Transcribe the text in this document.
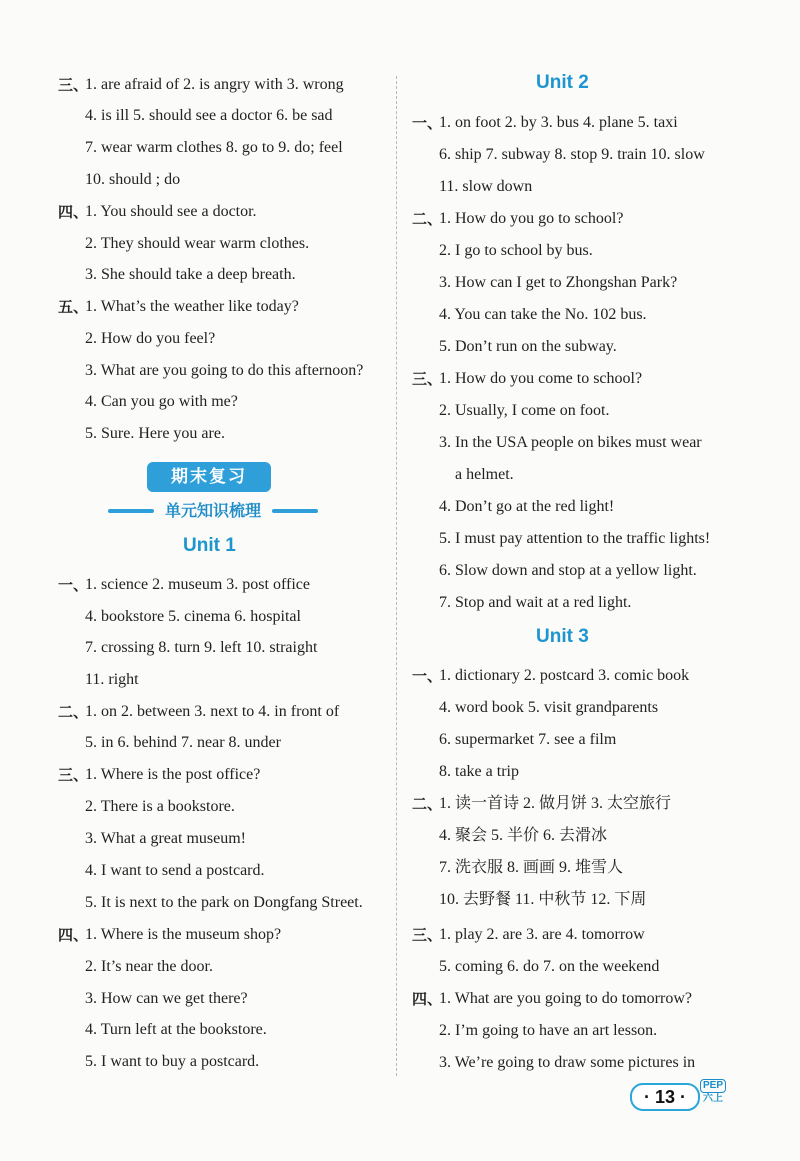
三、
1. are afraid of 2. is angry with 3. wrong
4. is ill 5. should see a doctor 6. be sad
7. wear warm clothes 8. go to 9. do; feel
10. should ; do
四、
1. You should see a doctor.
2. They should wear warm clothes.
3. She should take a deep breath.
五、
1. What’s the weather like today?
2. How do you feel?
3. What are you going to do this afternoon?
4. Can you go with me?
5. Sure. Here you are.
期末复习
单元知识梳理
Unit 1
一、
1. science 2. museum 3. post office
4. bookstore 5. cinema 6. hospital
7. crossing 8. turn 9. left 10. straight
11. right
二、
1. on 2. between 3. next to 4. in front of
5. in 6. behind 7. near 8. under
三、
1. Where is the post office?
2. There is a bookstore.
3. What a great museum!
4. I want to send a postcard.
5. It is next to the park on Dongfang Street.
四、
1. Where is the museum shop?
2. It’s near the door.
3. How can we get there?
4. Turn left at the bookstore.
5. I want to buy a postcard.
Unit 2
一、
1. on foot 2. by 3. bus 4. plane 5. taxi
6. ship 7. subway 8. stop 9. train 10. slow
11. slow down
二、
1. How do you go to school?
2. I go to school by bus.
3. How can I get to Zhongshan Park?
4. You can take the No. 102 bus.
5. Don’t run on the subway.
三、
1. How do you come to school?
2. Usually, I come on foot.
3. In the USA people on bikes must wear
a helmet.
4. Don’t go at the red light!
5. I must pay attention to the traffic lights!
6. Slow down and stop at a yellow light.
7. Stop and wait at a red light.
Unit 3
一、
1. dictionary 2. postcard 3. comic book
4. word book 5. visit grandparents
6. supermarket 7. see a film
8. take a trip
二、
1. 读一首诗 2. 做月饼 3. 太空旅行
4. 聚会 5. 半价 6. 去滑冰
7. 洗衣服 8. 画画 9. 堆雪人
10. 去野餐 11. 中秋节 12. 下周
三、
1. play 2. are 3. are 4. tomorrow
5. coming 6. do 7. on the weekend
四、
1. What are you going to do tomorrow?
2. I’m going to have an art lesson.
3. We’re going to draw some pictures in
· 13 ·
PEP
六上
